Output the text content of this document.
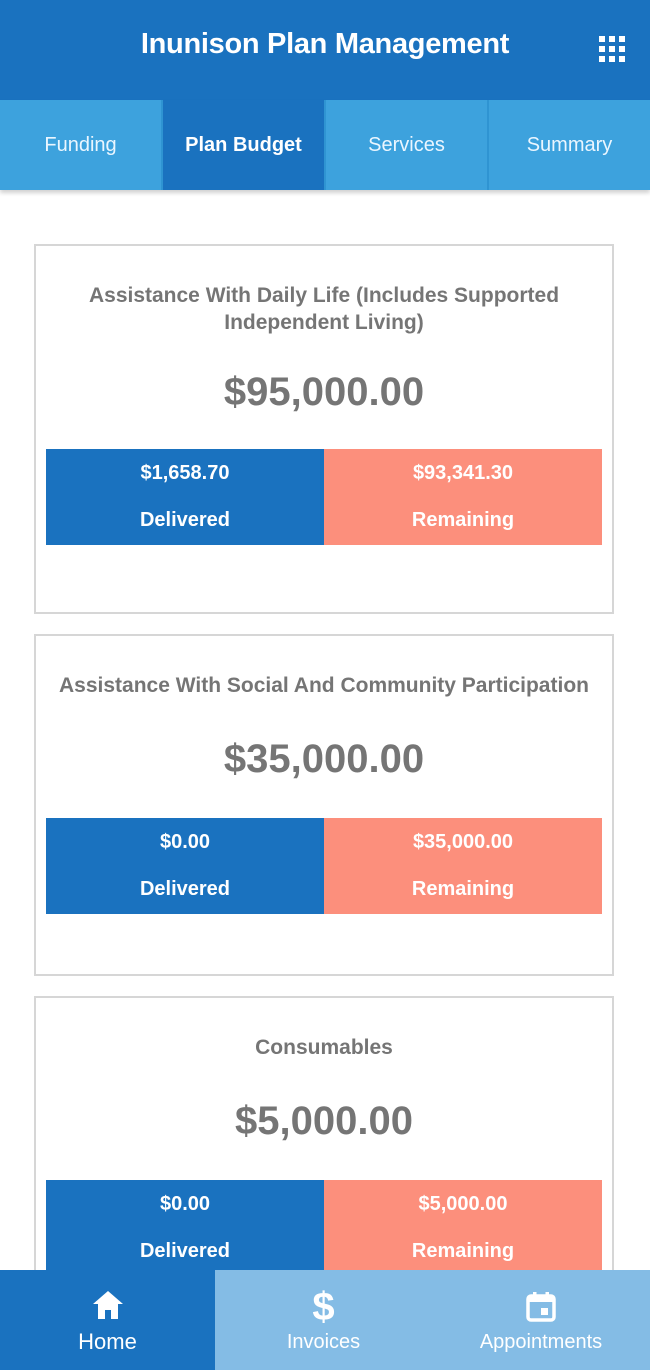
Inunison Plan Management
Funding	Plan Budget	Services	Summary
Assistance With Daily Life (Includes Supported Independent Living)
$95,000.00
$1,658.70
Delivered
$93,341.30
Remaining
Assistance With Social And Community Participation
$35,000.00
$0.00
Delivered
$35,000.00
Remaining
Consumables
$5,000.00
$0.00
Delivered
$5,000.00
Remaining
Home
$
Invoices	Appointments
